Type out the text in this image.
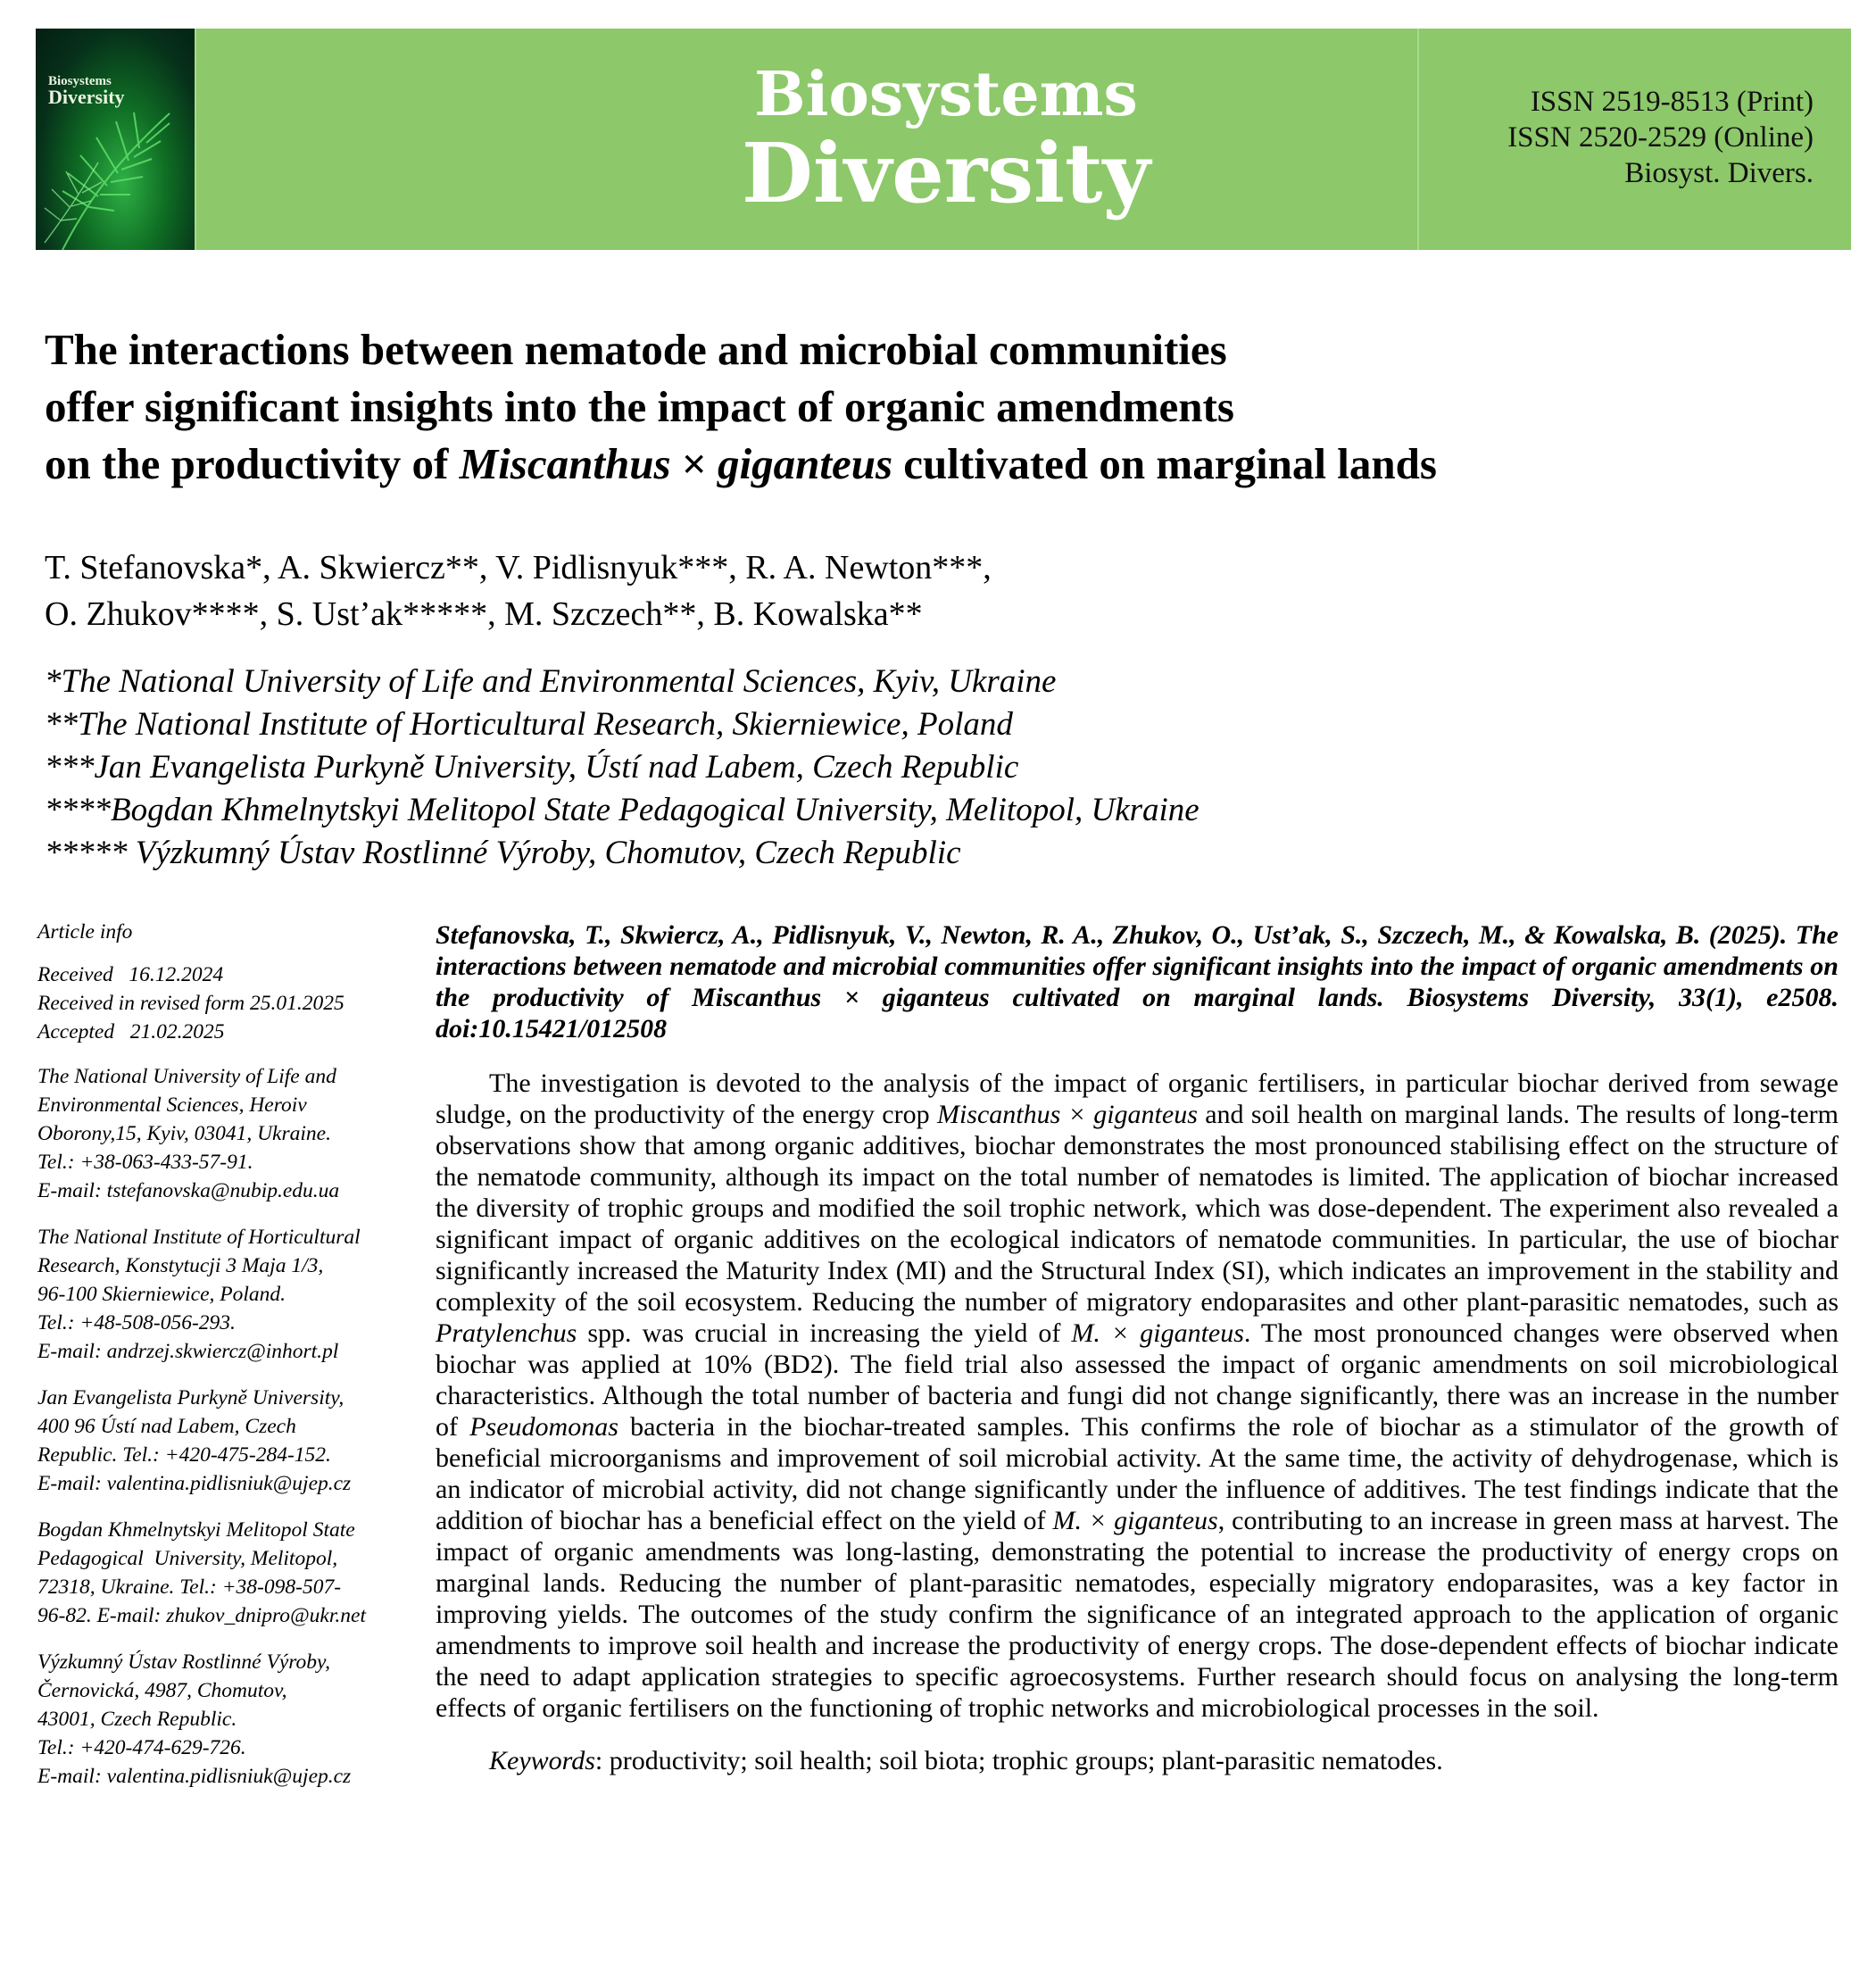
Biosystems
Diversity	Biosystems
Diversity
ISSN 2519-8513 (Print)
ISSN 2520-2529 (Online)
Biosyst. Divers.
The interactions between nematode and microbial communities
offer significant insights into the impact of organic amendments
on the productivity of Miscanthus × giganteus cultivated on marginal lands
T. Stefanovska*, A. Skwiercz**, V. Pidlisnyuk***, R. A. Newton***,
O. Zhukov****, S. Ust’ak*****, M. Szczech**, B. Kowalska**
*The National University of Life and Environmental Sciences, Kyiv, Ukraine
**The National Institute of Horticultural Research, Skierniewice, Poland
***Jan Evangelista Purkyně University, Ústí nad Labem, Czech Republic
****Bogdan Khmelnytskyi Melitopol State Pedagogical University, Melitopol, Ukraine
***** Výzkumný Ústav Rostlinné Výroby, Chomutov, Czech Republic
Article info
Received   16.12.2024
Received in revised form 25.01.2025
Accepted   21.02.2025
The National University of Life and
Environmental Sciences, Heroiv
Oborony,15, Kyiv, 03041, Ukraine.
Tel.: +38-063-433-57-91.
E-mail: tstefanovska@nubip.edu.ua
The National Institute of Horticultural
Research, Konstytucji 3 Maja 1/3,
96-100 Skierniewice, Poland.
Tel.: +48-508-056-293.
E-mail: andrzej.skwiercz@inhort.pl
Jan Evangelista Purkyně University,
400 96 Ústí nad Labem, Czech
Republic. Tel.: +420-475-284-152.
E-mail: valentina.pidlisniuk@ujep.cz
Bogdan Khmelnytskyi Melitopol State
Pedagogical  University, Melitopol,
72318, Ukraine. Tel.: +38-098-507-
96-82. E-mail: zhukov_dnipro@ukr.net
Výzkumný Ústav Rostlinné Výroby,
Černovická, 4987, Chomutov,
43001, Czech Republic.
Tel.: +420-474-629-726.
E-mail: valentina.pidlisniuk@ujep.cz

Stefanovska, T., Skwiercz, A., Pidlisnyuk, V., Newton, R. A., Zhukov, O., Ust’ak, S., Szczech, M., & Kowalska, B. (2025). The interactions between nematode and microbial communities offer significant insights into the impact of organic amendments on the productivity of Miscanthus × giganteus cultivated on marginal lands. Biosystems Diversity, 33(1), e2508. doi:10.15421/012508

The investigation is devoted to the analysis of the impact of organic fertilisers, in particular biochar derived from sewage sludge, on the productivity of the energy crop Miscanthus × giganteus and soil health on marginal lands. The results of long-term observations show that among organic additives, biochar demonstrates the most pronounced stabilising effect on the structure of the nematode community, although its impact on the total number of nematodes is limited. The application of biochar increased the diversity of trophic groups and modified the soil trophic network, which was dose-dependent. The experiment also revealed a significant impact of organic additives on the ecological indicators of nematode communities. In particular, the use of biochar significantly increased the Maturity Index (MI) and the Structural Index (SI), which indicates an improvement in the stability and complexity of the soil ecosystem. Reducing the number of migratory endoparasites and other plant-parasitic nematodes, such as Pratylenchus spp. was crucial in increasing the yield of M. × giganteus. The most pronounced changes were observed when biochar was applied at 10% (BD2). The field trial also assessed the impact of organic amendments on soil microbiological characteristics. Although the total number of bacteria and fungi did not change significantly, there was an increase in the number of Pseudomonas bacteria in the biochar-treated samples. This confirms the role of biochar as a stimulator of the growth of beneficial microorganisms and improvement of soil microbial activity. At the same time, the activity of dehydrogenase, which is an indicator of microbial activity, did not change significantly under the influence of additives. The test findings indicate that the addition of biochar has a beneficial effect on the yield of M. × giganteus, contributing to an increase in green mass at harvest. The impact of organic amendments was long-lasting, demonstrating the potential to increase the productivity of energy crops on marginal lands. Reducing the number of plant-parasitic nematodes, especially migratory endoparasites, was a key factor in improving yields. The outcomes of the study confirm the significance of an integrated approach to the application of organic amendments to improve soil health and increase the productivity of energy crops. The dose-dependent effects of biochar indicate the need to adapt application strategies to specific agroecosystems. Further research should focus on analysing the long-term effects of organic fertilisers on the functioning of trophic networks and microbiological processes in the soil.

Keywords: productivity; soil health; soil biota; trophic groups; plant-parasitic nematodes.
